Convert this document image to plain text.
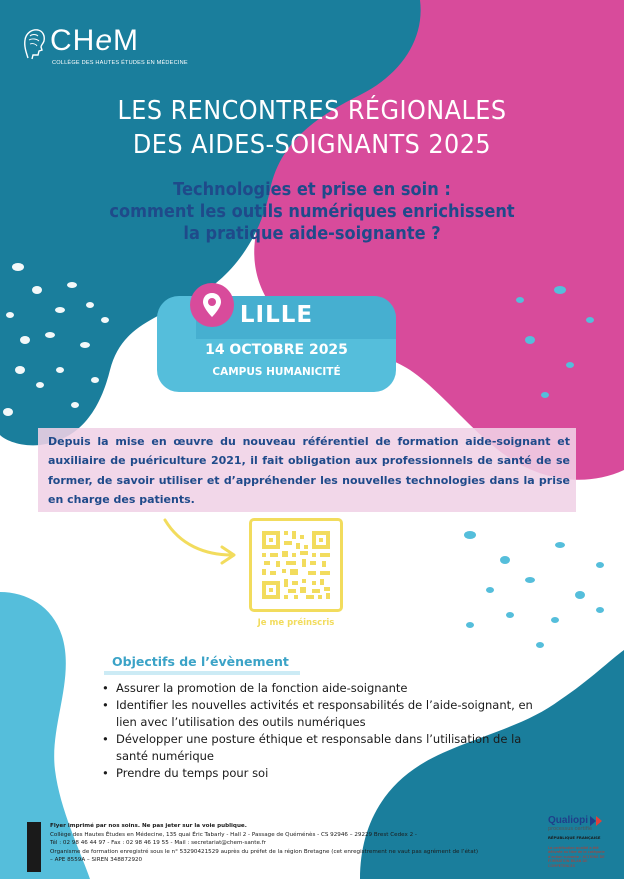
CHeM
COLLÈGE DES HAUTES ÉTUDES EN MÉDECINE
LES RENCONTRES RÉGIONALES
DES AIDES-SOIGNANTS 2025
Technologies et prise en soin :
comment les outils numériques enrichissent
la pratique aide-soignante ?
LILLE
14 OCTOBRE 2025
CAMPUS HUMANICITÉ
Depuis la mise en œuvre du nouveau référentiel de formation aide-soignant et auxiliaire de puériculture 2021, il fait obligation aux professionnels de santé de se former, de savoir utiliser et d’appréhender les nouvelles technologies dans la prise en charge des patients.
Je me préinscris
Objectifs de l’évènement
• Assurer la promotion de la fonction aide-soignante
• Identifier les nouvelles activités et responsabilités de l’aide-soignant, en lien avec l’utilisation des outils numériques
• Développer une posture éthique et responsable dans l’utilisation de la santé numérique
• Prendre du temps pour soi
Flyer imprimé par nos soins. Ne pas jeter sur la voie publique.
Collège des Hautes Études en Médecine, 135 quai Éric Tabarly - Hall 2 - Passage de Quéménès - CS 92946 – 29229 Brest Cedex 2 -
Tél : 02 98 46 44 97 - Fax : 02 98 46 19 55 - Mail : secretariat@chem-sante.fr
Organisme de formation enregistré sous le n° 53290421529 auprès du préfet de la région Bretagne (cet enregistrement ne vaut pas agrément de l’état) – APE 8559A – SIREN 348872920
Qualiopi
processus certifié
RÉPUBLIQUE FRANÇAISE
La certification qualité a été délivrée au titre de la catégorie d’action suivante : ACTIONS DE FORMATION BILAN DE COMPÉTENCES
